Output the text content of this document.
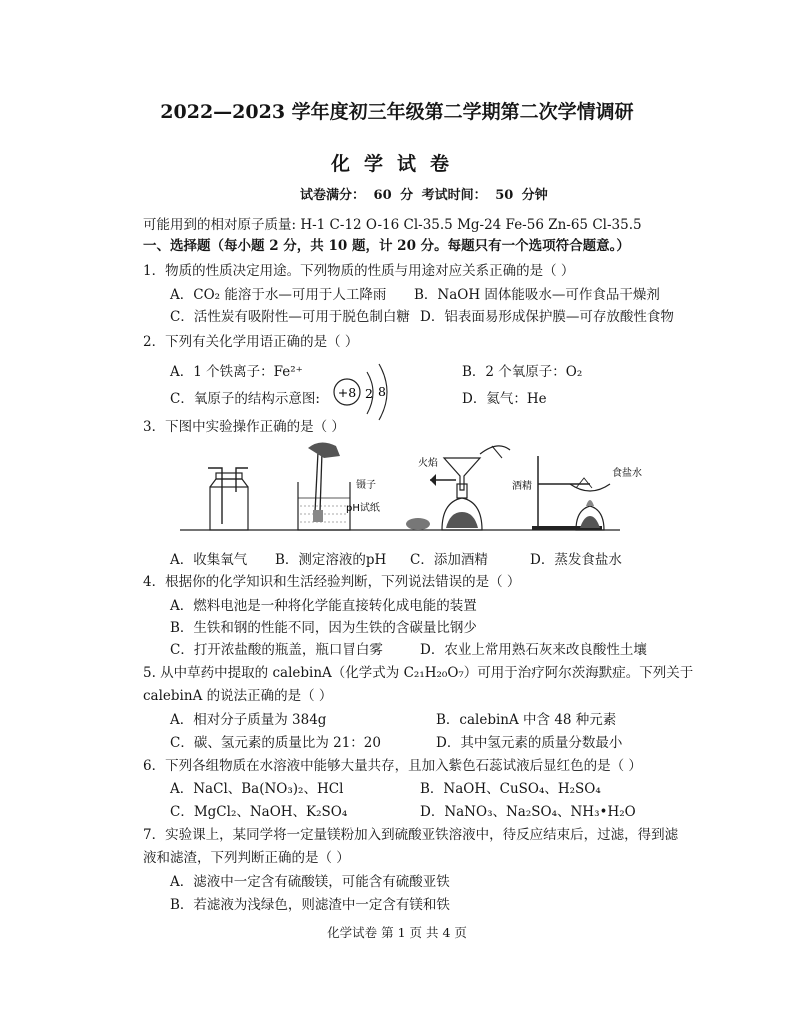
2022—2023 学年度初三年级第二学期第二次学情调研
化学试卷
试卷满分： 60 分 考试时间： 50 分钟
可能用到的相对原子质量: H-1 C-12 O-16 Cl-35.5 Mg-24 Fe-56 Zn-65 Cl-35.5
一、选择题（每小题 2 分，共 10 题，计 20 分。每题只有一个选项符合题意。）
1．物质的性质决定用途。下列物质的性质与用途对应关系正确的是（ ）
A．CO₂ 能溶于水—可用于人工降雨 B．NaOH 固体能吸水—可作食品干燥剂
C．活性炭有吸附性—可用于脱色制白糖 D．铝表面易形成保护膜—可存放酸性食物
2．下列有关化学用语正确的是（ ）
A．1 个铁离子：Fe²⁺	B．2 个氧原子：O₂
C．氧原子的结构示意图:	D．氦气：He
+8 2 8
3．下图中实验操作正确的是（ ）
镊子
pH试纸
火焰
酒精
食盐水
A．收集氧气 B．测定溶液的pH C．添加酒精	D．蒸发食盐水
4．根据你的化学知识和生活经验判断，下列说法错误的是（ ）
A．燃料电池是一种将化学能直接转化成电能的装置
B．生铁和钢的性能不同，因为生铁的含碳量比钢少
C．打开浓盐酸的瓶盖，瓶口冒白雾	D．农业上常用熟石灰来改良酸性土壤
5. 从中草药中提取的 calebinA（化学式为 C₂₁H₂₀O₇）可用于治疗阿尔茨海默症。下列关于
calebinA 的说法正确的是（ ）
A．相对分子质量为 384g	B．calebinA 中含 48 种元素
C．碳、氢元素的质量比为 21：20	D．其中氢元素的质量分数最小
6．下列各组物质在水溶液中能够大量共存，且加入紫色石蕊试液后显红色的是（ ）
A．NaCl、Ba(NO₃)₂、HCl	B．NaOH、CuSO₄、H₂SO₄
C．MgCl₂、NaOH、K₂SO₄	D．NaNO₃、Na₂SO₄、NH₃•H₂O
7．实验课上，某同学将一定量镁粉加入到硫酸亚铁溶液中，待反应结束后，过滤，得到滤
液和滤渣，下列判断正确的是（ ）
A．滤液中一定含有硫酸镁，可能含有硫酸亚铁
B．若滤液为浅绿色，则滤渣中一定含有镁和铁
化学试卷 第 1 页 共 4 页
